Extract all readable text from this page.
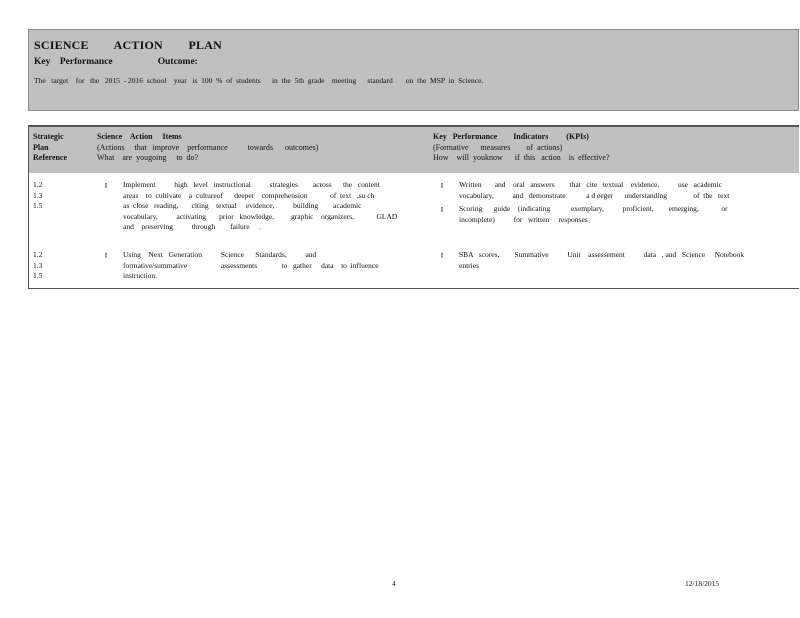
SCIENCE        ACTION        PLAN
Key    Performance                   Outcome:
The   target    for   the   2015  - 2016  school    year   is  100  %  of  students      in  the  5th  grade    meeting      standard       on  the  MSP  in  Science.
Strategic
Plan
Reference
Science    Action     Items
(Actions     that   improve    performance          towards      outcomes)
What    are  yougoing     to  do?
Key   Performance        Indicators         (KPIs)
(Formative      measures        of  actions)
How    will  youknow      if  this   action    is  effective?
1.2
1.3
1.5
▯ Implement          high   level   instructional          strategies        across      the   content
areas    to  cultivate    a  cultureof      deeper    comprehension            of  text   ,su ch
as  close   reading,       citing    textual     evidence,          building        academic
vocabulary,          activating       prior   knowledge,         graphic    organizers,            GLAD
and    preserving          through        failure     .
▯ Written       and    oral   answers        that   cite   textual    evidence,          use   academic
vocabulary,          and   demonstrate           a d eeger      understanding              of  the   text
▯ Scoring      guide    (indicating           exemplary,          proficient,        emerging,            or
incomplete)          for   written     responses
1.2
1.3
1.5
▯ Using    Next   Generation          Science      Standards,          and
formative/summative                  assessments             to   gather     data    to  influence
instruction.
▯ SBA   scores,        Summative          Unit    assessement          data   , and   Science     Notebook
entries
4	12/18/2015
